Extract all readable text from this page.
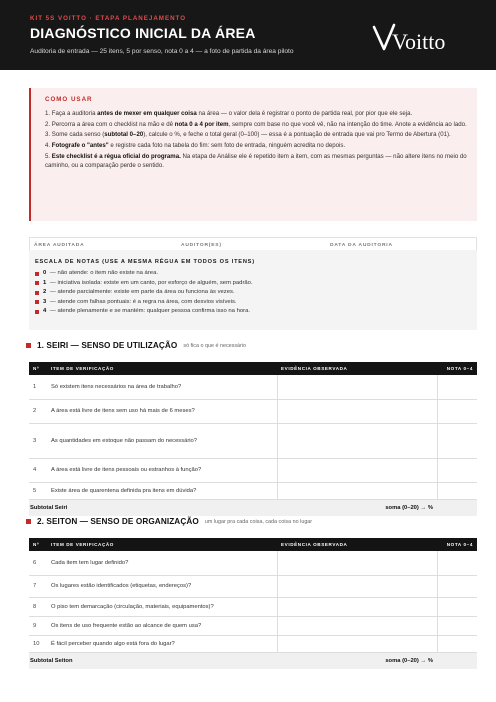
KIT 5S VOITTO · ETAPA PLANEJAMENTO
DIAGNÓSTICO INICIAL DA ÁREA
Auditoria de entrada — 25 itens, 5 por senso, nota 0 a 4 — a foto de partida da área piloto	Voitto
COMO USAR
1. Faça a auditoria antes de mexer em qualquer coisa na área — o valor dela é registrar o ponto de partida real, por pior que ele seja.
2. Percorra a área com o checklist na mão e dê nota 0 a 4 por item, sempre com base no que você vê, não na intenção do time. Anote a evidência ao lado.
3. Some cada senso (subtotal 0–20), calcule o %, e feche o total geral (0–100) — essa é a pontuação de entrada que vai pro Termo de Abertura (01).
4. Fotografe o "antes" e registre cada foto na tabela do fim: sem foto de entrada, ninguém acredita no depois.
5. Este checklist é a régua oficial do programa. Na etapa de Análise ele é repetido item a item, com as mesmas perguntas — não altere itens no meio do caminho, ou a comparação perde o sentido.
ÁREA AUDITADA	AUDITOR(ES)	DATA DA AUDITORIA
ESCALA DE NOTAS (USE A MESMA RÉGUA EM TODOS OS ITENS)
0
— não atende: o item não existe na área.
1
— iniciativa isolada: existe em um canto, por esforço de alguém, sem padrão.
2
— atende parcialmente: existe em parte da área ou funciona às vezes.
3
— atende com falhas pontuais: é a regra na área, com desvios visíveis.
4
— atende plenamente e se mantém: qualquer pessoa confirma isso na hora.
1. SEIRI — SENSO DE UTILIZAÇÃO só fica o que é necessário
Nº	ITEM DE VERIFICAÇÃO	EVIDÊNCIA OBSERVADA	NOTA 0–4
1	Só existem itens necessários na área de trabalho?		
2	A área está livre de itens sem uso há mais de 6 meses?		
3	As quantidades em estoque não passam do necessário?		
4	A área está livre de itens pessoais ou estranhos à função?		
5	Existe área de quarentena definida pra itens em dúvida?		
Subtotal Seiri		soma (0–20) → %	
2. SEITON — SENSO DE ORGANIZAÇÃO um lugar pra cada coisa, cada coisa no lugar
Nº	ITEM DE VERIFICAÇÃO	EVIDÊNCIA OBSERVADA	NOTA 0–4
6	Cada item tem lugar definido?		
7	Os lugares estão identificados (etiquetas, endereços)?		
8	O piso tem demarcação (circulação, materiais, equipamentos)?		
9	Os itens de uso frequente estão ao alcance de quem usa?		
10	É fácil perceber quando algo está fora do lugar?		
Subtotal Seiton		soma (0–20) → %	
